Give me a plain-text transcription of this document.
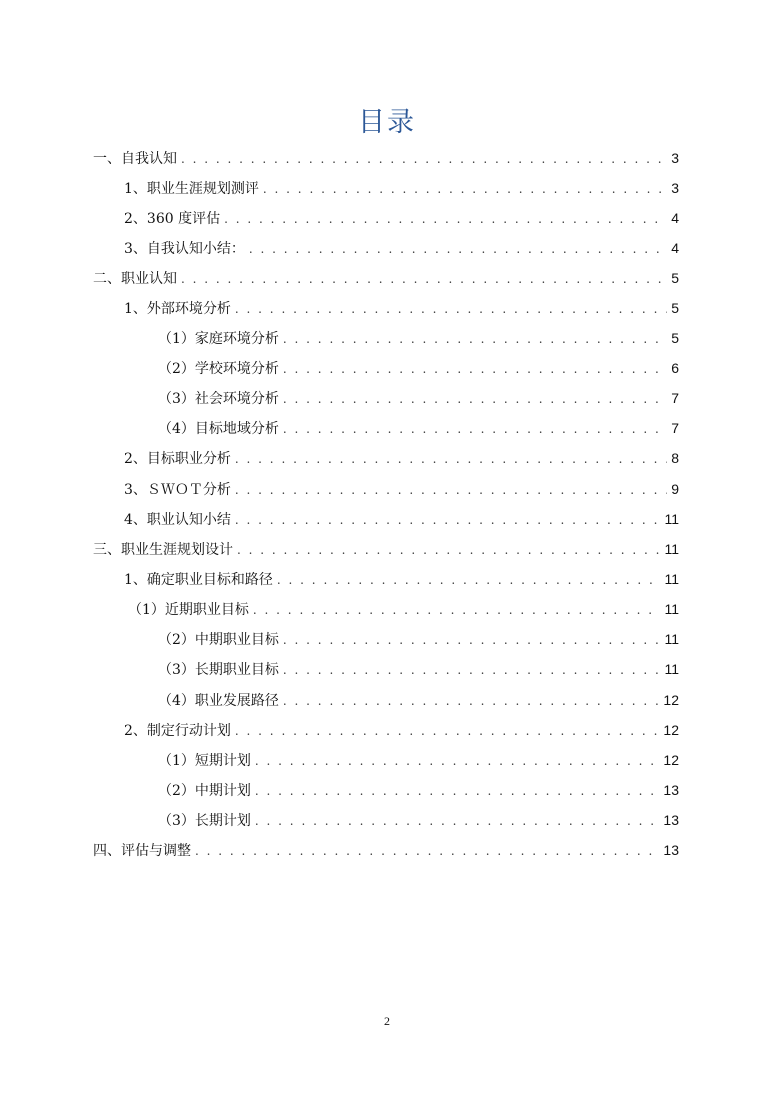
目录
一、自我认知 . . .	3
1、职业生涯规划测评 . . .	3
2、360 度评估 . . .	4
3、自我认知小结： . . .	4
二、职业认知 . . .	5
1、外部环境分析 . . .	5
（1）家庭环境分析 . . .	5
（2）学校环境分析 . . .	6
（3）社会环境分析 . . .	7
（4）目标地域分析 . . .	7
2、目标职业分析 . . .	8
3、ＳＷＯＴ分析 . . .	9
4、职业认知小结 . . .	11
三、职业生涯规划设计 . . .	11
1、确定职业目标和路径 . . .	11
（1）近期职业目标 . . .	11
（2）中期职业目标 . . .	11
（3）长期职业目标 . . .	11
（4）职业发展路径 . . .	12
2、制定行动计划 . . .	12
（1）短期计划 . . .	12
（2）中期计划 . . .	13
（3）长期计划 . . .	13
四、评估与调整 . . .	13
2
